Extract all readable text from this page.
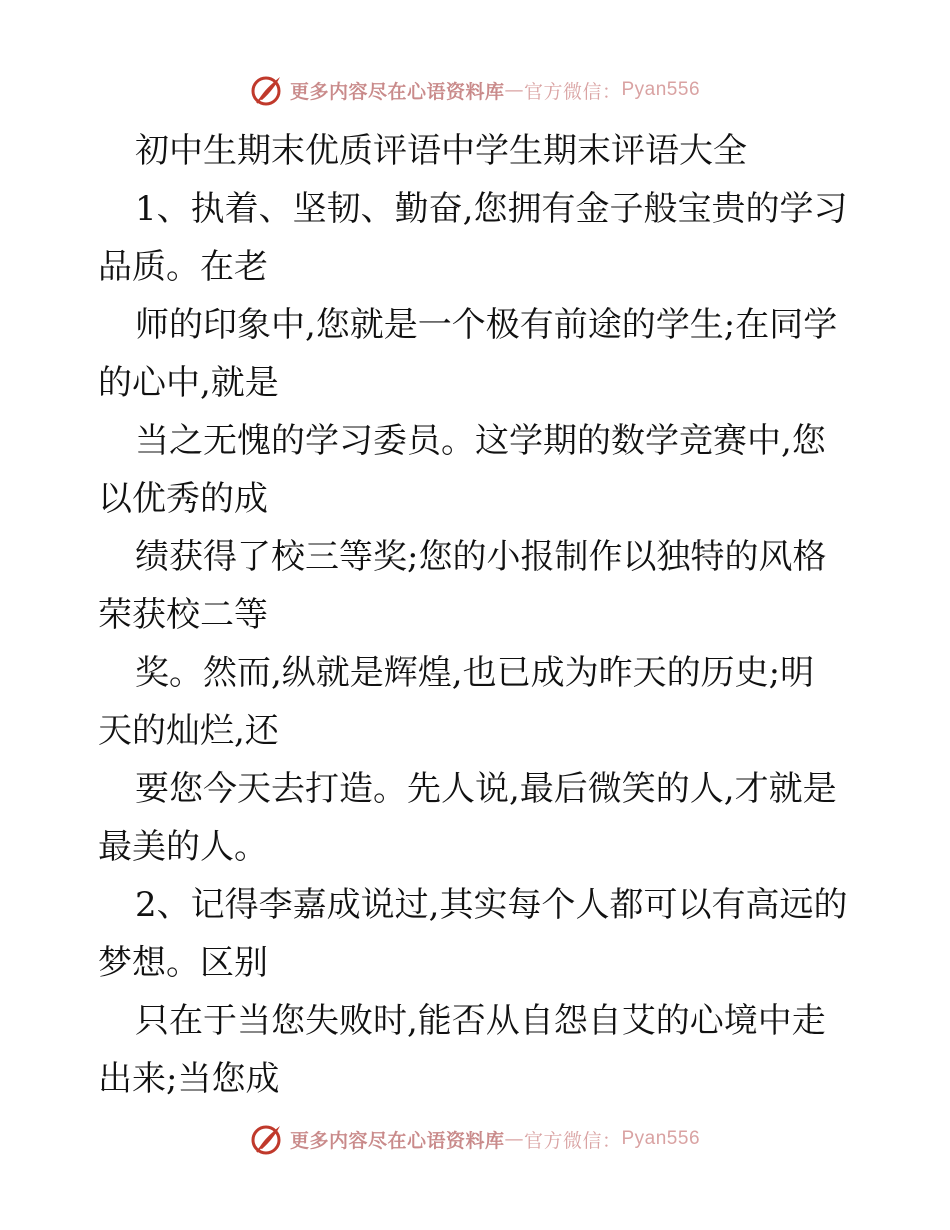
更多内容尽在心语资料库 — 官方微信： Pyan556
初中生期末优质评语中学生期末评语大全
1、执着、坚韧、勤奋,您拥有金子般宝贵的学习
品质。在老
师的印象中,您就是一个极有前途的学生;在同学
的心中,就是
当之无愧的学习委员。这学期的数学竞赛中,您
以优秀的成
绩获得了校三等奖;您的小报制作以独特的风格
荣获校二等
奖。然而,纵就是辉煌,也已成为昨天的历史;明
天的灿烂,还
要您今天去打造。先人说,最后微笑的人,才就是
最美的人。
2、记得李嘉成说过,其实每个人都可以有高远的
梦想。区别
只在于当您失败时,能否从自怨自艾的心境中走
出来;当您成
更多内容尽在心语资料库 — 官方微信： Pyan556
